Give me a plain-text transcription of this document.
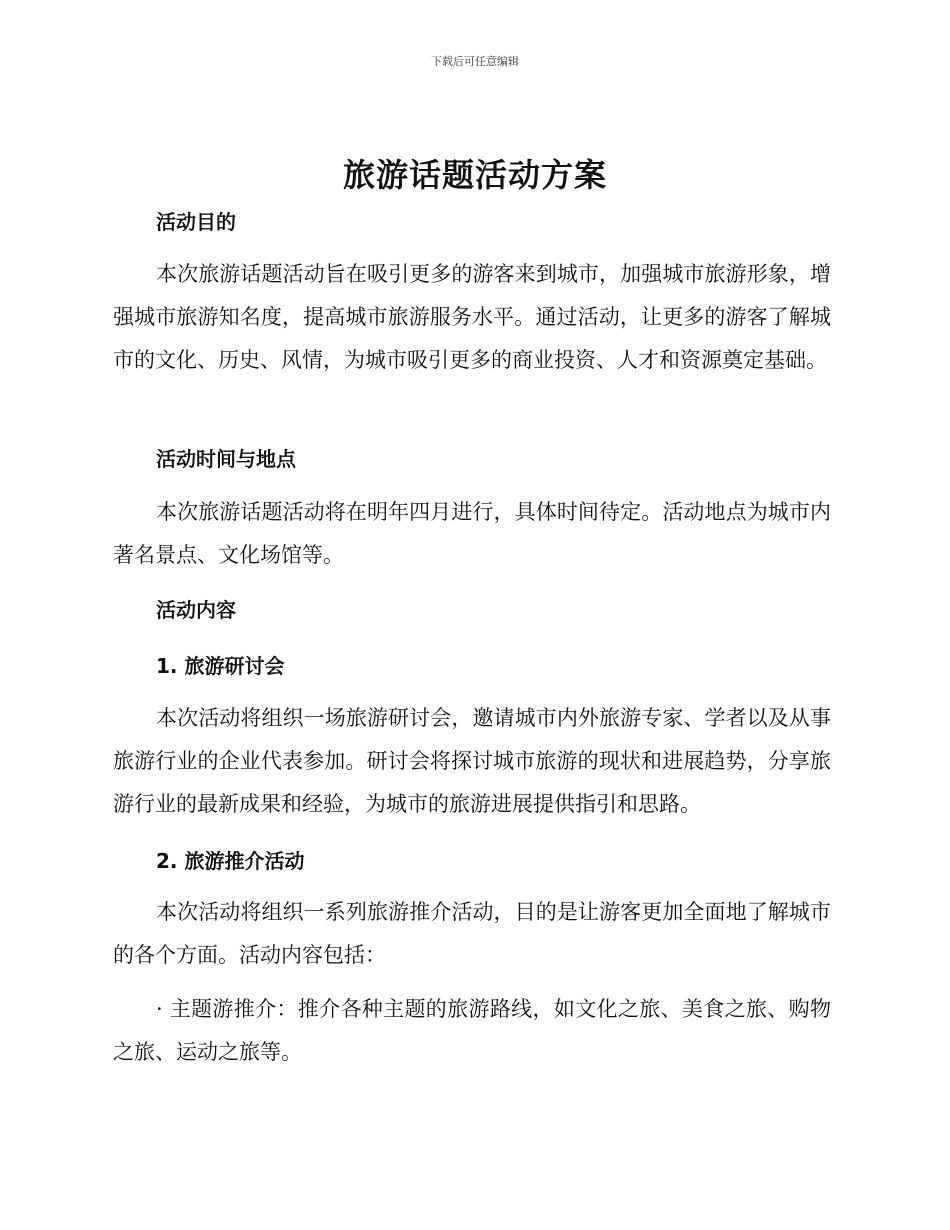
下载后可任意编辑
旅游话题活动方案
活动目的

本次旅游话题活动旨在吸引更多的游客来到城市，加强城市旅游形象，增强城市旅游知名度，提高城市旅游服务水平。通过活动，让更多的游客了解城市的文化、历史、风情，为城市吸引更多的商业投资、人才和资源奠定基础。

活动时间与地点

本次旅游话题活动将在明年四月进行，具体时间待定。活动地点为城市内著名景点、文化场馆等。

活动内容
1. 旅游研讨会

本次活动将组织一场旅游研讨会，邀请城市内外旅游专家、学者以及从事旅游行业的企业代表参加。研讨会将探讨城市旅游的现状和进展趋势，分享旅游行业的最新成果和经验，为城市的旅游进展提供指引和思路。

2. 旅游推介活动

本次活动将组织一系列旅游推介活动，目的是让游客更加全面地了解城市的各个方面。活动内容包括：

· 主题游推介：推介各种主题的旅游路线，如文化之旅、美食之旅、购物之旅、运动之旅等。
